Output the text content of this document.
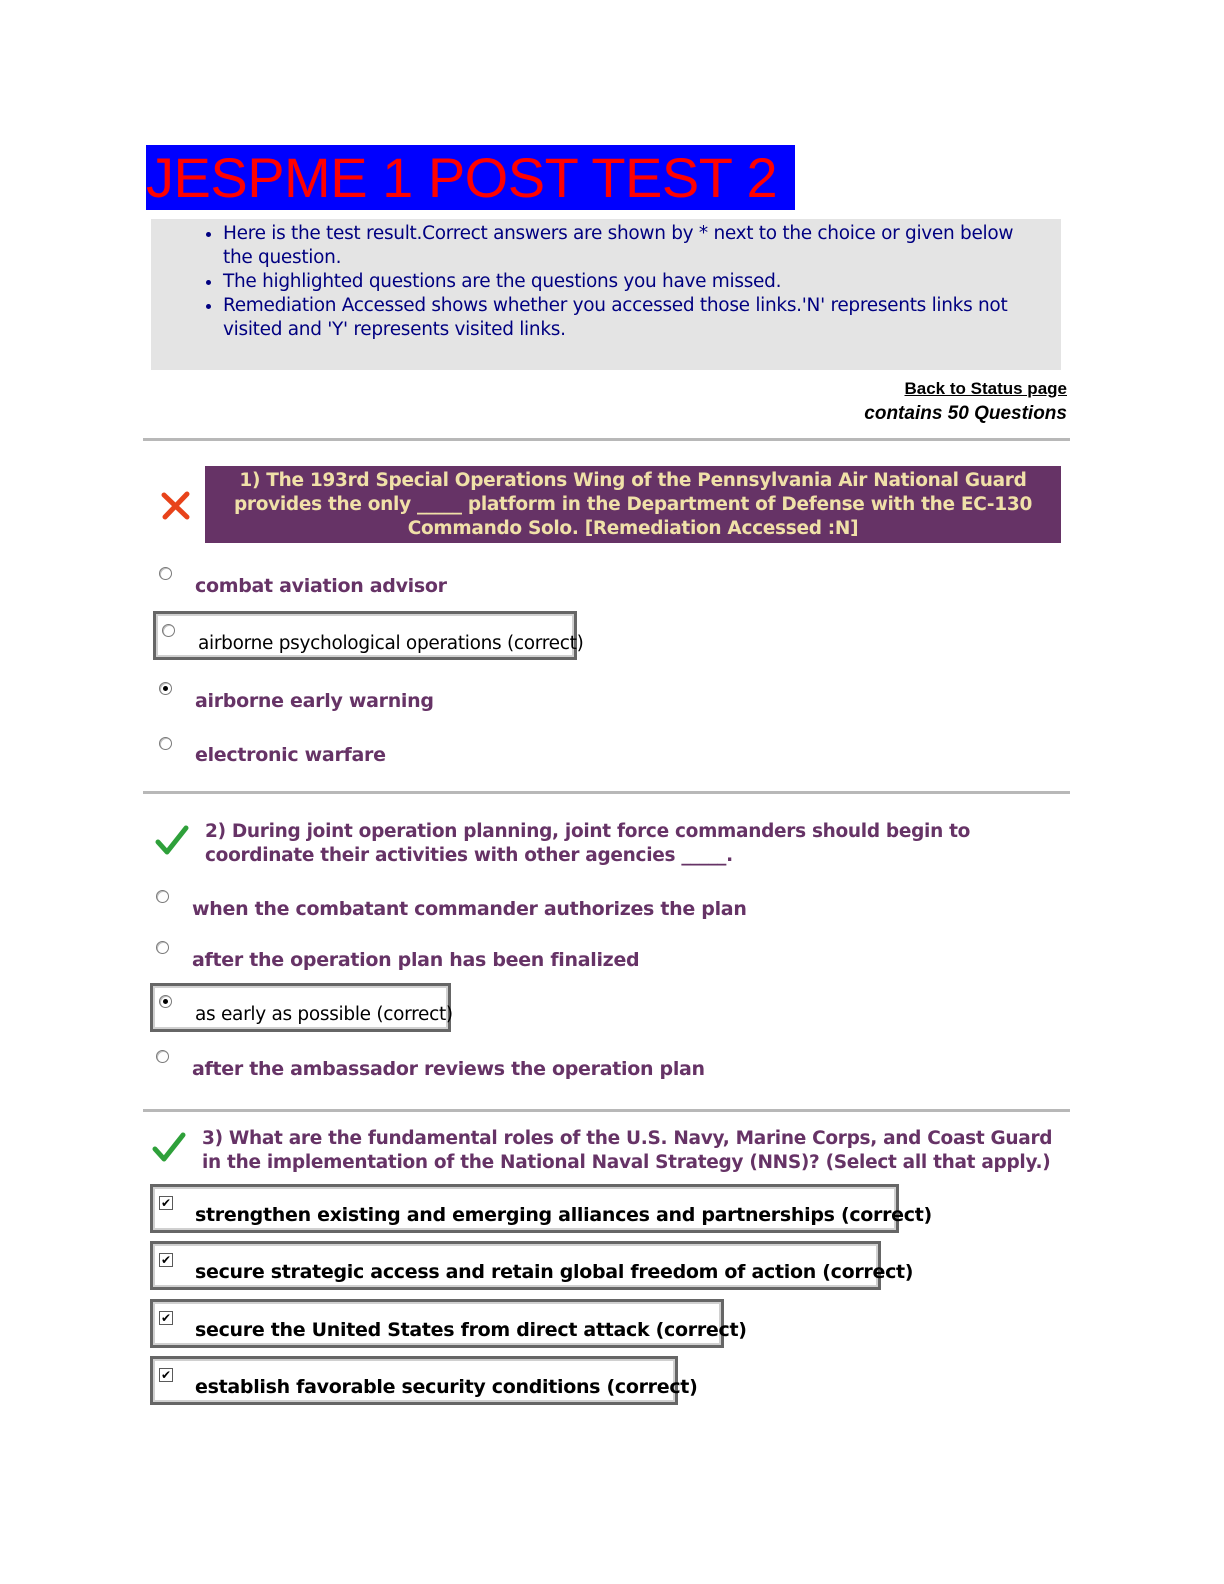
JESPME 1 POST TEST 2
• Here is the test result.Correct answers are shown by * next to the choice or given below the question.
• The highlighted questions are the questions you have missed.
• Remediation Accessed shows whether you accessed those links.'N' represents links not visited and 'Y' represents visited links.
Back to Status page
contains 50 Questions
1) The 193rd Special Operations Wing of the Pennsylvania Air National Guard provides the only _____ platform in the Department of Defense with the EC-130 Commando Solo. [Remediation Accessed :N]
combat aviation advisor
airborne psychological operations (correct)
airborne early warning
electronic warfare
2) During joint operation planning, joint force commanders should begin to coordinate their activities with other agencies _____.
when the combatant commander authorizes the plan
after the operation plan has been finalized
as early as possible (correct)
after the ambassador reviews the operation plan
3) What are the fundamental roles of the U.S. Navy, Marine Corps, and Coast Guard in the implementation of the National Naval Strategy (NNS)? (Select all that apply.)
✔
strengthen existing and emerging alliances and partnerships (correct)
✔
secure strategic access and retain global freedom of action (correct)
✔
secure the United States from direct attack (correct)
✔
establish favorable security conditions (correct)
